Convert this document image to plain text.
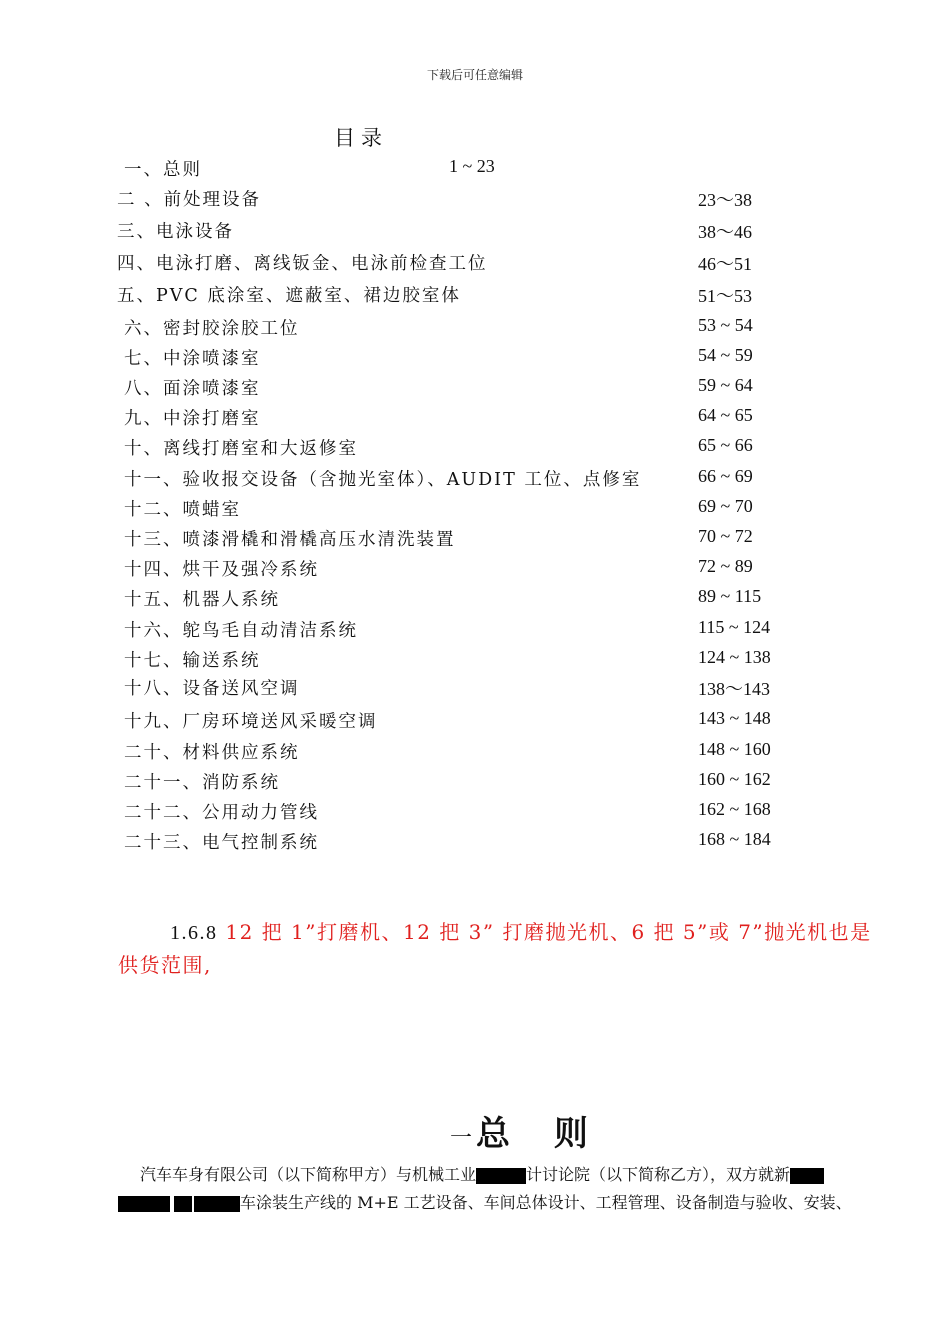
下载后可任意编辑
目录
一、总则	1 ~ 23
二 、前处理设备	23～38
三、电泳设备	38～46
四、电泳打磨、离线钣金、电泳前检查工位	46～51
五、PVC 底涂室、遮蔽室、裙边胶室体	51～53
六、密封胶涂胶工位	53 ~ 54
七、中涂喷漆室	54 ~ 59
八、面涂喷漆室	59 ~ 64
九、中涂打磨室	64 ~ 65
十、离线打磨室和大返修室	65 ~ 66
十一、验收报交设备（含抛光室体）、AUDIT 工位、点修室	66 ~ 69
十二、喷蜡室	69 ~ 70
十三、喷漆滑橇和滑橇高压水清洗装置	70 ~ 72
十四、烘干及强冷系统	72 ~ 89
十五、机器人系统	89 ~ 115
十六、鸵鸟毛自动清洁系统	115 ~ 124
十七、输送系统	124 ~ 138
十八、设备送风空调	138～143
十九、厂房环境送风采暖空调	143 ~ 148
二十、材料供应系统	148 ~ 160
二十一、消防系统	160 ~ 162
二十二、公用动力管线	162 ~ 168
二十三、电气控制系统	168 ~ 184
1.6.8 12 把 1”打磨机、12 把 3” 打磨抛光机、6 把 5”或 7”抛光机也是供货范围,
一 总 则
汽车车身有限公司（以下简称甲方）与机械工业	计讨论院（以下简称乙方），双方就新
车涂装生产线的 M+E 工艺设备、车间总体设计、工程管理、设备制造与验收、安装、
